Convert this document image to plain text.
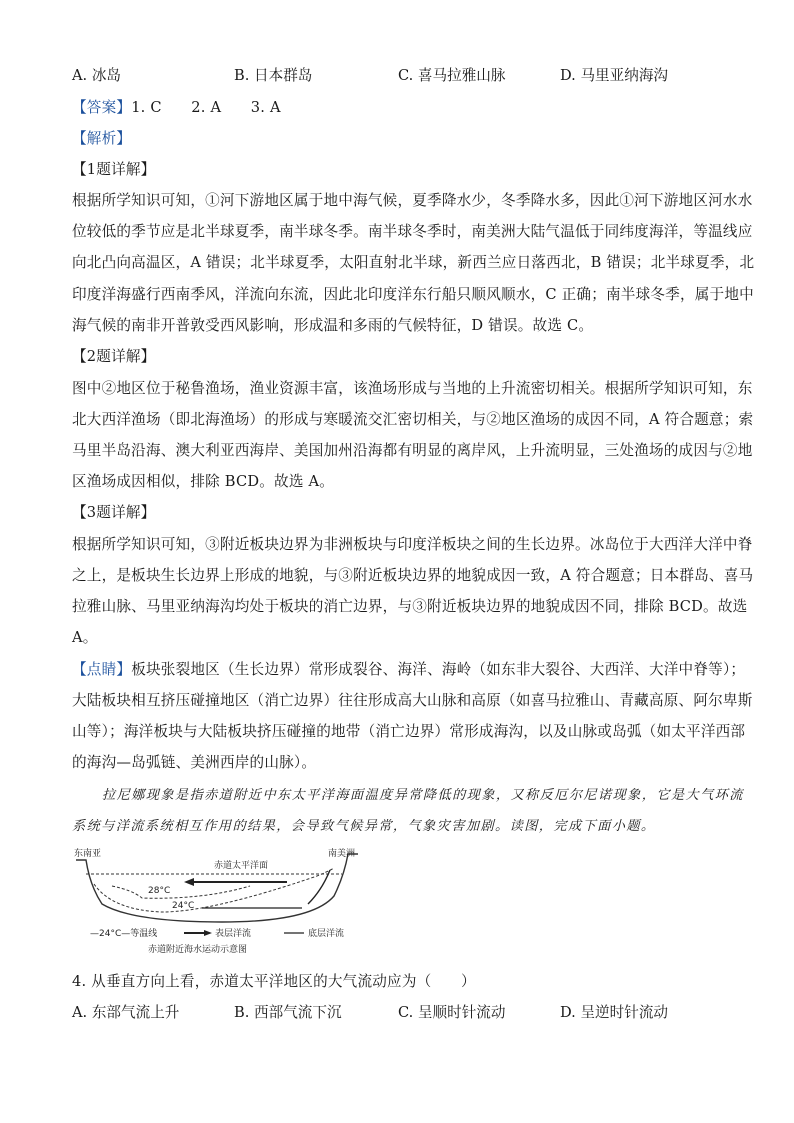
A. 冰岛	B. 日本群岛	C. 喜马拉雅山脉	D. 马里亚纳海沟
【答案】1. C　　2. A　　3. A
【解析】
【1题详解】
根据所学知识可知，①河下游地区属于地中海气候，夏季降水少，冬季降水多，因此①河下游地区河水水
位较低的季节应是北半球夏季，南半球冬季。南半球冬季时，南美洲大陆气温低于同纬度海洋，等温线应
向北凸向高温区，A 错误；北半球夏季，太阳直射北半球，新西兰应日落西北，B 错误；北半球夏季，北
印度洋海盛行西南季风，洋流向东流，因此北印度洋东行船只顺风顺水，C 正确；南半球冬季，属于地中
海气候的南非开普敦受西风影响，形成温和多雨的气候特征，D 错误。故选 C。
【2题详解】
图中②地区位于秘鲁渔场，渔业资源丰富，该渔场形成与当地的上升流密切相关。根据所学知识可知，东
北大西洋渔场（即北海渔场）的形成与寒暖流交汇密切相关，与②地区渔场的成因不同，A 符合题意；索
马里半岛沿海、澳大利亚西海岸、美国加州沿海都有明显的离岸风，上升流明显，三处渔场的成因与②地
区渔场成因相似，排除 BCD。故选 A。
【3题详解】
根据所学知识可知，③附近板块边界为非洲板块与印度洋板块之间的生长边界。冰岛位于大西洋大洋中脊
之上，是板块生长边界上形成的地貌，与③附近板块边界的地貌成因一致，A 符合题意；日本群岛、喜马
拉雅山脉、马里亚纳海沟均处于板块的消亡边界，与③附近板块边界的地貌成因不同，排除 BCD。故选
A。
【点睛】板块张裂地区（生长边界）常形成裂谷、海洋、海岭（如东非大裂谷、大西洋、大洋中脊等）；
大陆板块相互挤压碰撞地区（消亡边界）往往形成高大山脉和高原（如喜马拉雅山、青藏高原、阿尔卑斯
山等）；海洋板块与大陆板块挤压碰撞的地带（消亡边界）常形成海沟，以及山脉或岛弧（如太平洋西部
的海沟—岛弧链、美洲西岸的山脉）。
拉尼娜现象是指赤道附近中东太平洋海面温度异常降低的现象，又称反厄尔尼诺现象，它是大气环流
系统与洋流系统相互作用的结果，会导致气候异常，气象灾害加剧。读图，完成下面小题。
东南亚	南美洲
赤道太平洋面
28°C
24°C
—24°C—等温线	表层洋流	底层洋流
赤道附近海水运动示意图
4. 从垂直方向上看，赤道太平洋地区的大气流动应为（　　）
A. 东部气流上升	B. 西部气流下沉	C. 呈顺时针流动	D. 呈逆时针流动
